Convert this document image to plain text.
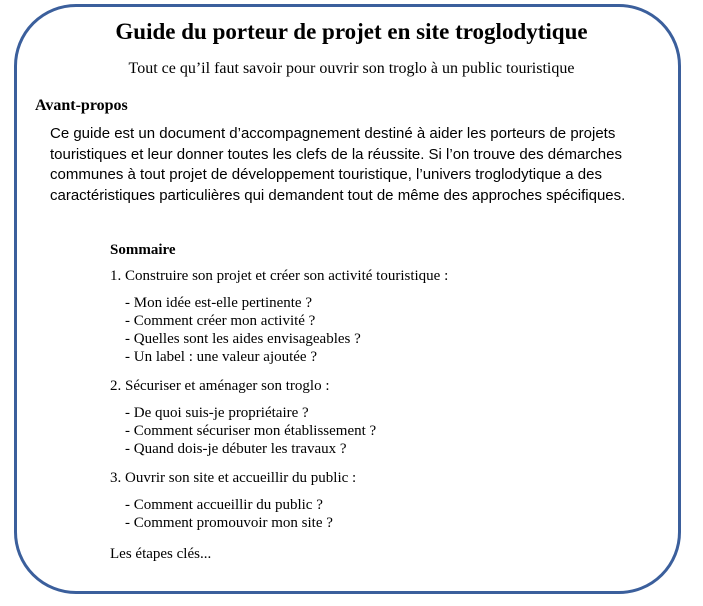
Guide du porteur de projet en site troglodytique

Tout ce qu’il faut savoir pour ouvrir son troglo à un public touristique

Avant-propos

Ce guide est un document d’accompagnement destiné à aider les porteurs de projets touristiques et leur donner toutes les clefs de la réussite. Si l’on trouve des démarches communes à tout projet de développement touristique, l’univers troglodytique a des caractéristiques particulières qui demandent tout de même des approches spécifiques.

Sommaire

1. Construire son projet et créer son activité touristique :

- Mon idée est-elle pertinente ?
- Comment créer mon activité ?
- Quelles sont les aides envisageables ?
- Un label : une valeur ajoutée ?

2. Sécuriser et aménager son troglo :

- De quoi suis-je propriétaire ?
- Comment sécuriser mon établissement ?
- Quand dois-je débuter les travaux ?

3. Ouvrir son site et accueillir du public :

- Comment accueillir du public ?
- Comment promouvoir mon site ?

Les étapes clés...
